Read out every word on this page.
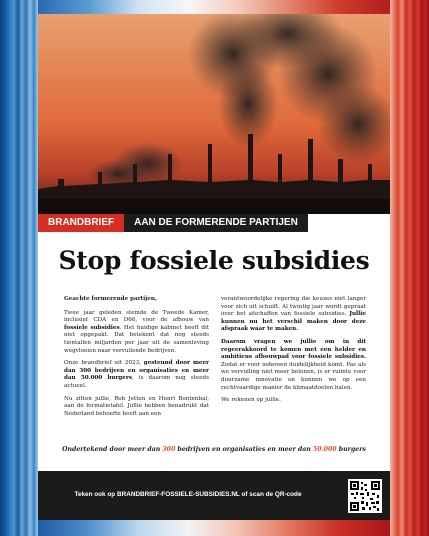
BRANDBRIEF	AAN DE FORMERENDE PARTIJEN
Stop fossiele subsidies

Geachte formerende partijen,

Twee jaar geleden stemde de Tweede Kamer, inclusief CDA en D66, voor de afbouw van fossiele subsidies. Het huidige kabinet heeft dit niet opgepakt. Dat betekent dat nog steeds tientallen miljarden per jaar uit de samenleving wegvloeien naar vervuilende bedrijven.

Onze brandbrief uit 2023, gesteund door meer dan 300 bedrijven en organisaties en meer dan 50.000 burgers, is daarom nog steeds actueel.

Nu zitten jullie, Rob Jetten en Henri Bontenbal, aan de formatietafel. Jullie hebben benadrukt dat Nederland behoefte heeft aan een

verantwoordelijke regering die keuzes niet langer voor zich uit schuift. Al twintig jaar wordt gepraat over het afschaffen van fossiele subsidies. Jullie kunnen nu het verschil maken door deze afspraak waar te maken.

Daarom vragen we jullie om in dit regeerakkoord te komen met een helder en ambitieus afbouwpad voor fossiele subsidies. Zodat er voor iedereen duidelijkheid komt. Pas als we vervuiling niet meer belonen, is er ruimte voor duurzame innovatie en kunnen we op een rechtvaardige manier de klimaatdoelen halen.

We rekenen op jullie.

Ondertekend door meer dan 300 bedrijven en organisaties en meer dan 50.000 burgers
Teken ook op BRANDBRIEF-FOSSIELE-SUBSIDIES.NL of scan de QR-code
